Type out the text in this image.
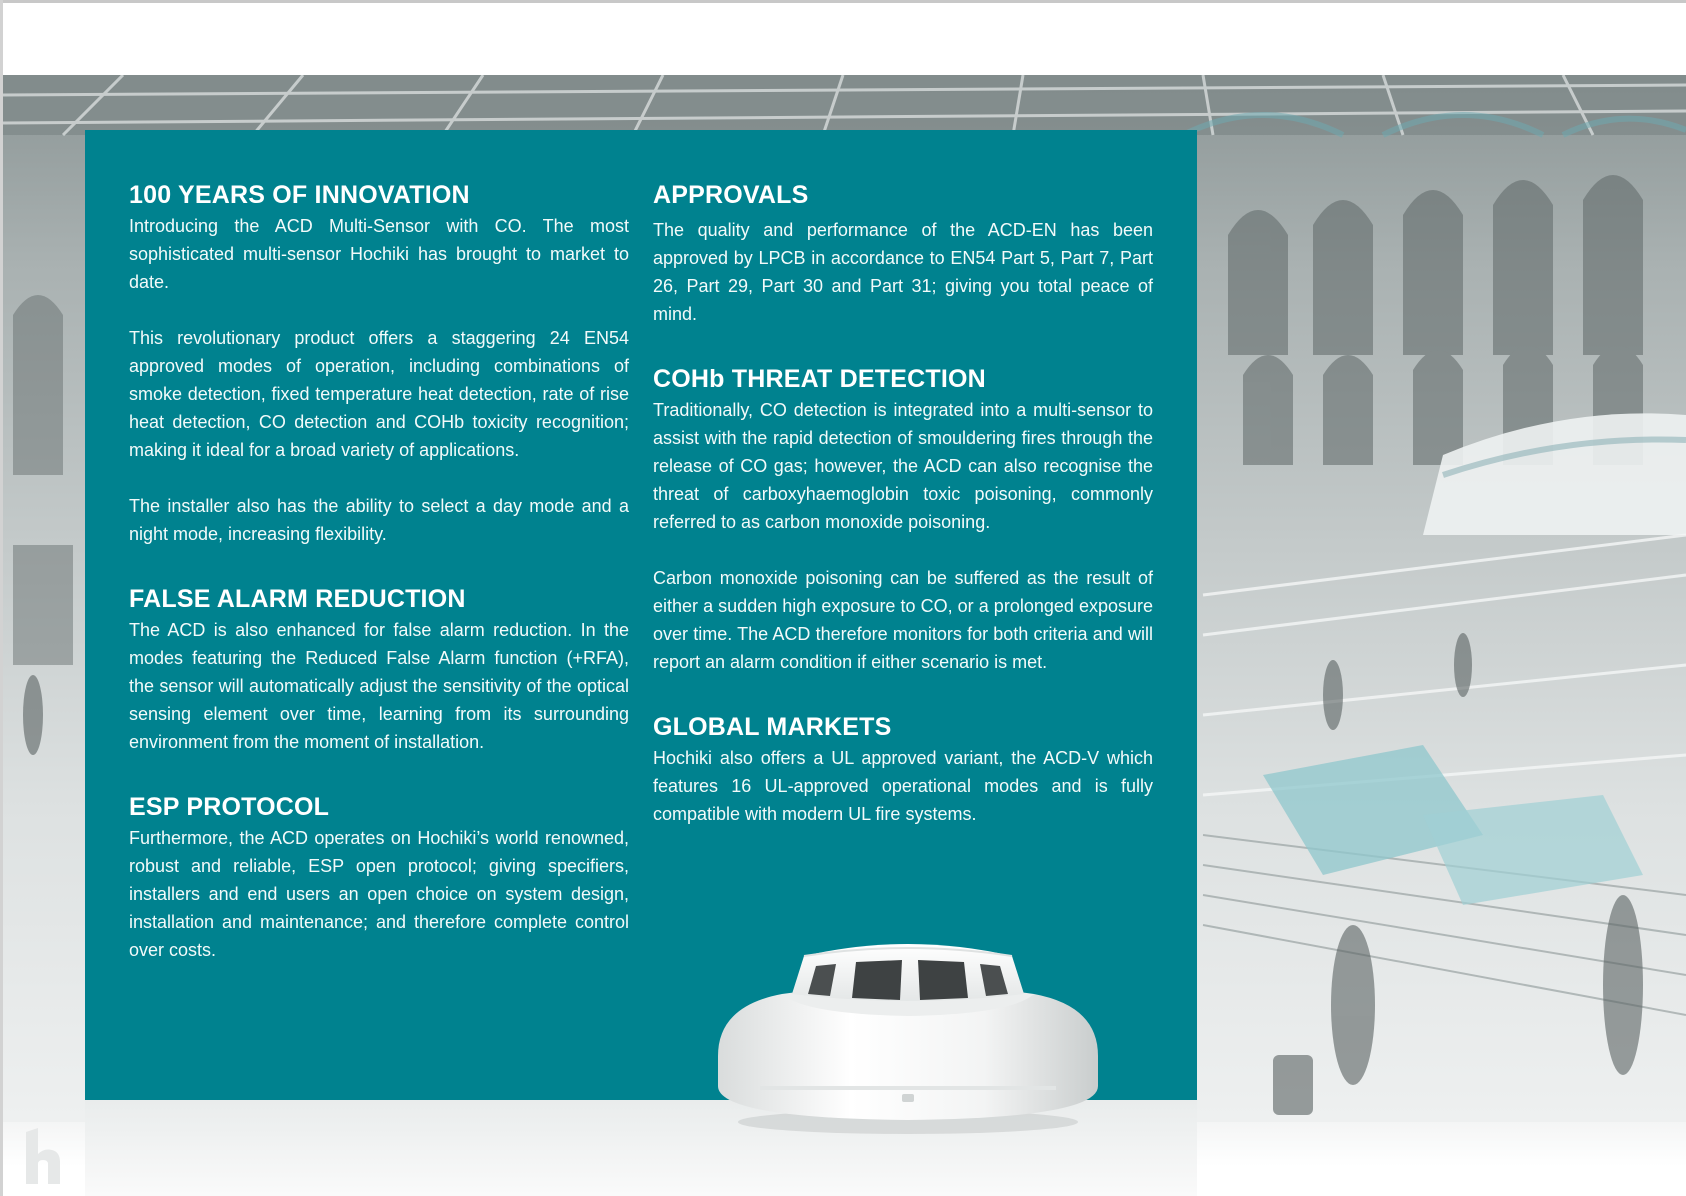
100 YEARS OF INNOVATION

Introducing the ACD Multi-Sensor with CO. The most sophisticated multi-sensor Hochiki has brought to market to date.

This revolutionary product offers a staggering 24 EN54 approved modes of operation, including combinations of smoke detection, fixed temperature heat detection, rate of rise heat detection, CO detection and COHb toxicity recognition; making it ideal for a broad variety of applications.

The installer also has the ability to select a day mode and a night mode, increasing flexibility.

FALSE ALARM REDUCTION

The ACD is also enhanced for false alarm reduction. In the modes featuring the Reduced False Alarm function (+RFA), the sensor will automatically adjust the sensitivity of the optical sensing element over time, learning from its surrounding environment from the moment of installation.

ESP PROTOCOL

Furthermore, the ACD operates on Hochiki’s world renowned, robust and reliable, ESP open protocol; giving specifiers, installers and end users an open choice on system design, installation and maintenance; and therefore complete control over costs.

APPROVALS

The quality and performance of the ACD-EN has been approved by LPCB in accordance to EN54 Part 5, Part 7, Part 26, Part 29, Part 30 and Part 31; giving you total peace of mind.

COHb THREAT DETECTION

Traditionally, CO detection is integrated into a multi-sensor to assist with the rapid detection of smouldering fires through the release of CO gas; however, the ACD can also recognise the threat of carboxyhaemoglobin toxic poisoning, commonly referred to as carbon monoxide poisoning.

Carbon monoxide poisoning can be suffered as the result of either a sudden high exposure to CO, or a prolonged exposure over time. The ACD therefore monitors for both criteria and will report an alarm condition if either scenario is met.

GLOBAL MARKETS

Hochiki also offers a UL approved variant, the ACD-V which features 16 UL-approved operational modes and is fully compatible with modern UL fire systems.
